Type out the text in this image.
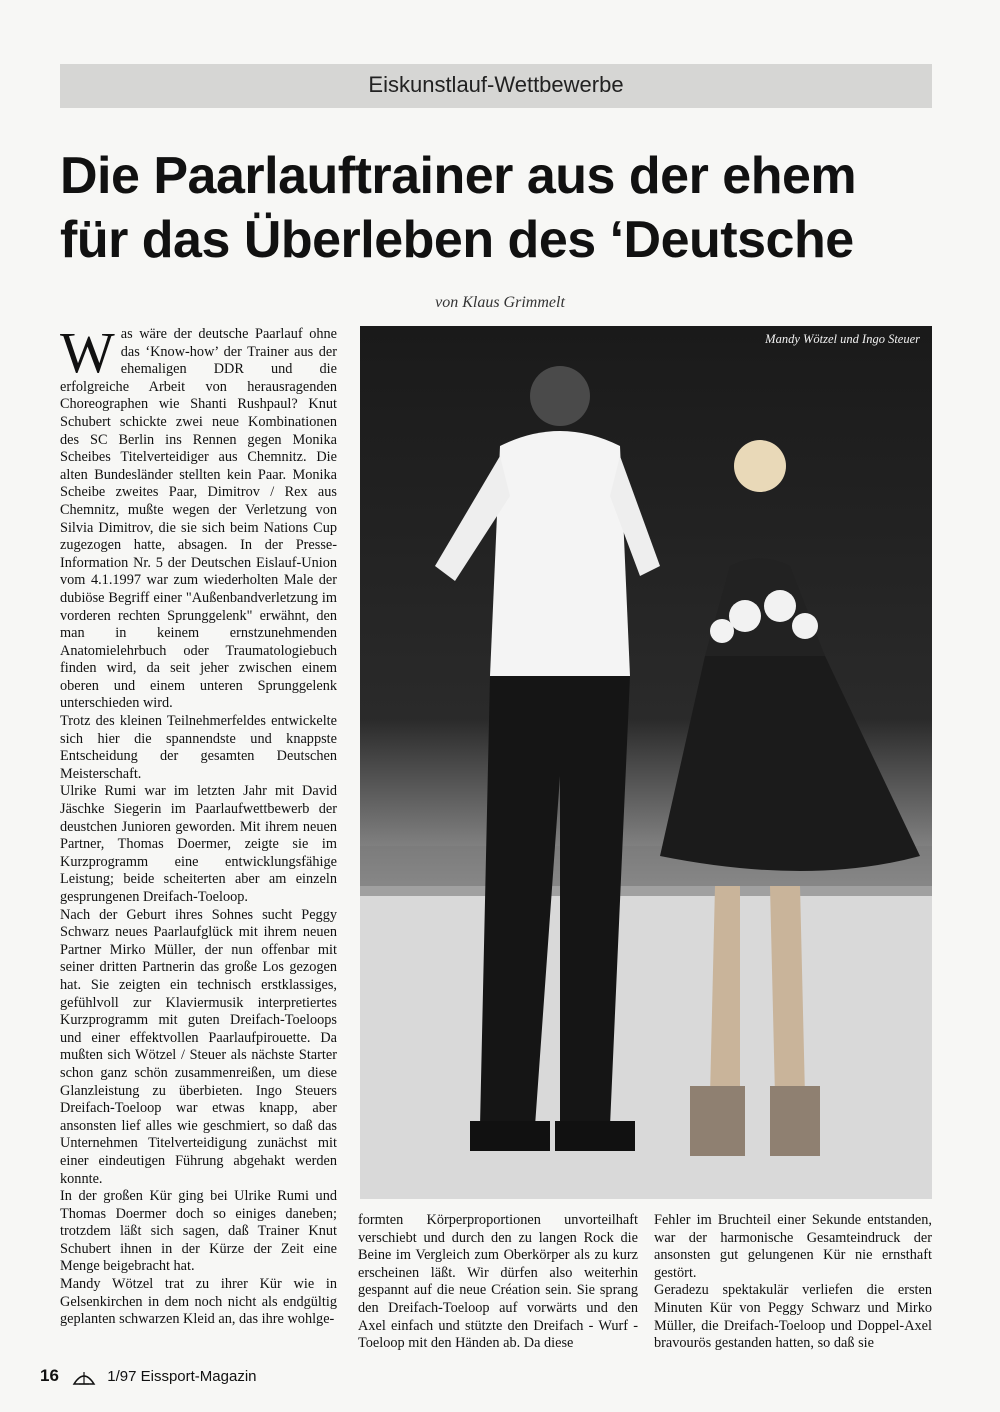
Eiskunstlauf-Wettbewerbe
Die Paarlauftrainer aus der ehem
für das Überleben des ‘Deutsche
von Klaus Grimmelt

Was wäre der deutsche Paarlauf ohne das ‘Know-how’ der Trainer aus der ehemaligen DDR und die erfolgreiche Arbeit von herausragenden Choreographen wie Shanti Rushpaul? Knut Schubert schickte zwei neue Kombinationen des SC Berlin ins Rennen gegen Monika Scheibes Titelverteidiger aus Chemnitz. Die alten Bundesländer stellten kein Paar. Monika Scheibe zweites Paar, Dimitrov / Rex aus Chemnitz, mußte wegen der Verletzung von Silvia Dimitrov, die sie sich beim Nations Cup zugezogen hatte, absagen. In der Presse-Information Nr. 5 der Deutschen Eislauf-Union vom 4.1.1997 war zum wiederholten Male der dubiöse Begriff einer "Außenbandverletzung im vorderen rechten Sprunggelenk" erwähnt, den man in keinem ernstzunehmenden Anatomielehrbuch oder Traumatologiebuch finden wird, da seit jeher zwischen einem oberen und einem unteren Sprunggelenk unterschieden wird.

Trotz des kleinen Teilnehmerfeldes entwickelte sich hier die spannendste und knappste Entscheidung der gesamten Deutschen Meisterschaft.

Ulrike Rumi war im letzten Jahr mit David Jäschke Siegerin im Paarlaufwettbewerb der deustchen Junioren geworden. Mit ihrem neuen Partner, Thomas Doermer, zeigte sie im Kurzprogramm eine entwicklungsfähige Leistung; beide scheiterten aber am einzeln gesprungenen Dreifach-Toeloop.

Nach der Geburt ihres Sohnes sucht Peggy Schwarz neues Paarlaufglück mit ihrem neuen Partner Mirko Müller, der nun offenbar mit seiner dritten Partnerin das große Los gezogen hat. Sie zeigten ein technisch erstklassiges, gefühlvoll zur Klaviermusik interpretiertes Kurzprogramm mit guten Dreifach-Toeloops und einer effektvollen Paarlaufpirouette. Da mußten sich Wötzel / Steuer als nächste Starter schon ganz schön zusammenreißen, um diese Glanzleistung zu überbieten. Ingo Steuers Dreifach-Toeloop war etwas knapp, aber ansonsten lief alles wie geschmiert, so daß das Unternehmen Titelverteidigung zunächst mit einer eindeutigen Führung abgehakt werden konnte.

In der großen Kür ging bei Ulrike Rumi und Thomas Doermer doch so einiges daneben; trotzdem läßt sich sagen, daß Trainer Knut Schubert ihnen in der Kürze der Zeit eine Menge beigebracht hat.

Mandy Wötzel trat zu ihrer Kür wie in Gelsenkirchen in dem noch nicht als endgültig geplanten schwarzen Kleid an, das ihre wohlge-

Mandy Wötzel und Ingo Steuer

formten Körperproportionen unvorteilhaft verschiebt und durch den zu langen Rock die Beine im Vergleich zum Oberkörper als zu kurz erscheinen läßt. Wir dürfen also weiterhin gespannt auf die neue Création sein. Sie sprang den Dreifach-Toeloop auf vorwärts und den Axel einfach und stützte den Dreifach - Wurf - Toeloop mit den Händen ab. Da diese

Fehler im Bruchteil einer Sekunde entstanden, war der harmonische Gesamteindruck der ansonsten gut gelungenen Kür nie ernsthaft gestört.

Geradezu spektakulär verliefen die ersten Minuten Kür von Peggy Schwarz und Mirko Müller, die Dreifach-Toeloop und Doppel-Axel bravourös gestanden hatten, so daß sie

16	1/97 Eissport-Magazin
